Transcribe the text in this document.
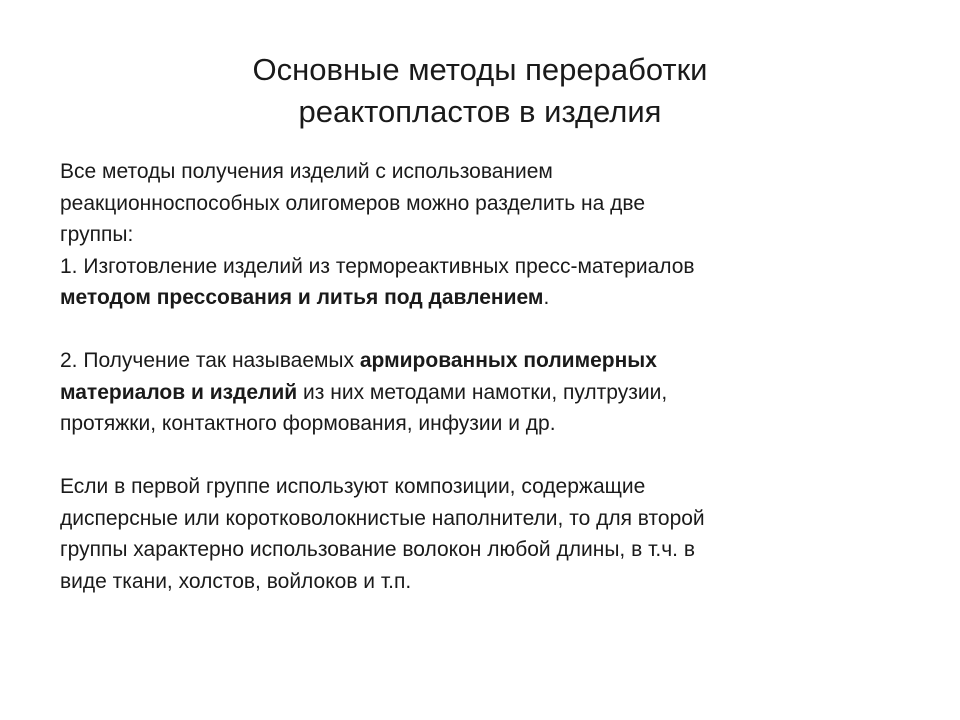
Основные методы переработки
реактопластов в изделия
Все методы получения изделий с использованием
реакционноспособных олигомеров можно разделить на две
группы:
1. Изготовление изделий из термореактивных пресс-материалов
методом прессования и литья под давлением.
2. Получение так называемых армированных полимерных
материалов и изделий из них методами намотки, пултрузии,
протяжки, контактного формования, инфузии и др.
Если в первой группе используют композиции, содержащие
дисперсные или коротковолокнистые наполнители, то для второй
группы характерно использование волокон любой длины, в т.ч. в
виде ткани, холстов, войлоков и т.п.
